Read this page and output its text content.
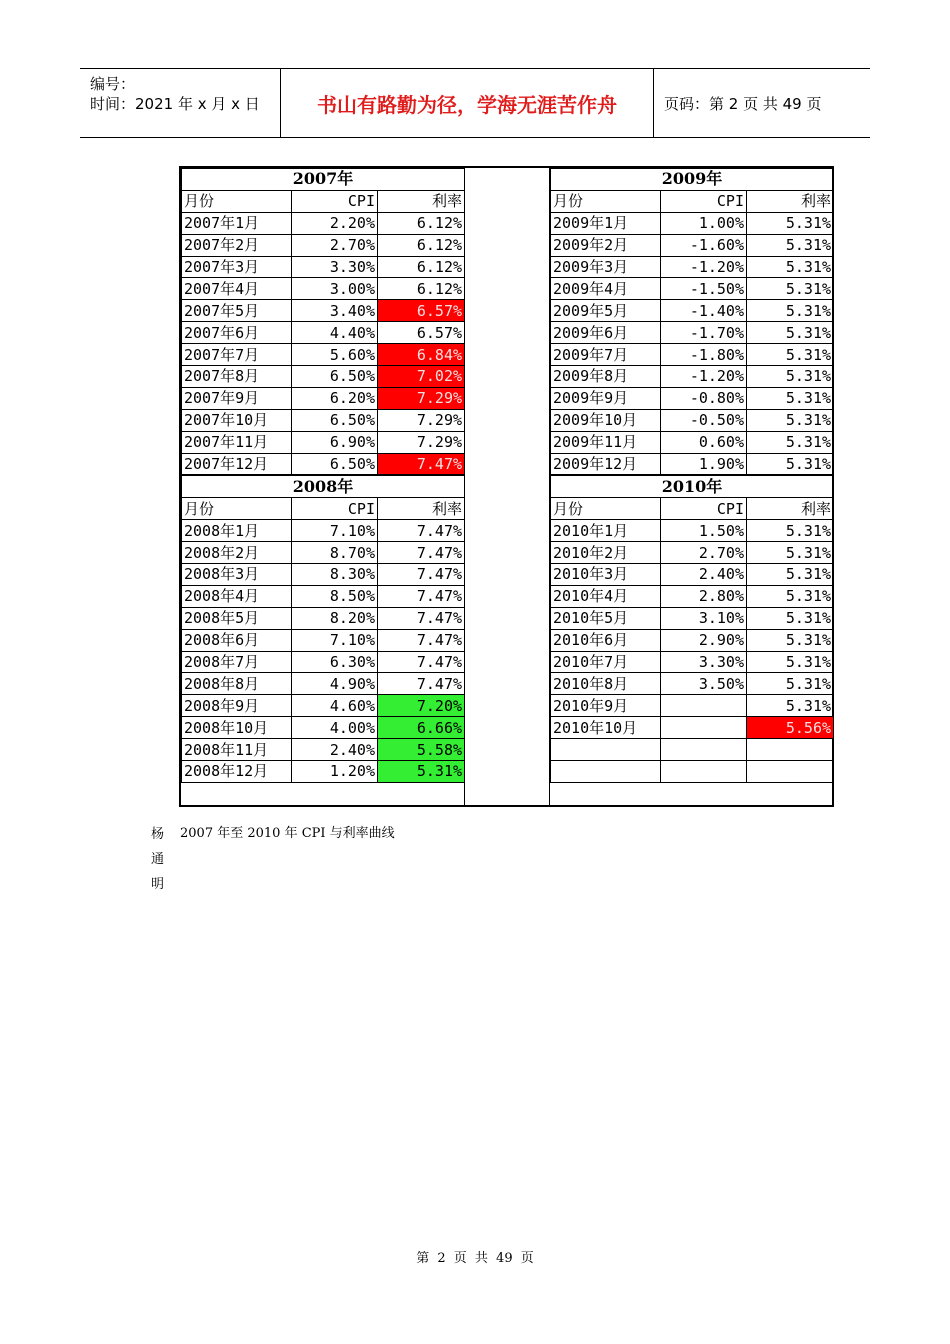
编号：
时间：2021 年 x 月 x 日	书山有路勤为径，学海无涯苦作舟	页码：第 2 页 共 49 页
2007年		
月份	CPI	利率
2007年1月	2.20%	6.12%
2007年2月	2.70%	6.12%
2007年3月	3.30%	6.12%
2007年4月	3.00%	6.12%
2007年5月	3.40%	6.57%
2007年6月	4.40%	6.57%
2007年7月	5.60%	6.84%
2007年8月	6.50%	7.02%
2007年9月	6.20%	7.29%
2007年10月	6.50%	7.29%
2007年11月	6.90%	7.29%
2007年12月	6.50%	7.47%
2008年		
月份	CPI	利率
2008年1月	7.10%	7.47%
2008年2月	8.70%	7.47%
2008年3月	8.30%	7.47%
2008年4月	8.50%	7.47%
2008年5月	8.20%	7.47%
2008年6月	7.10%	7.47%
2008年7月	6.30%	7.47%
2008年8月	4.90%	7.47%
2008年9月	4.60%	7.20%
2008年10月	4.00%	6.66%
2008年11月	2.40%	5.58%
2008年12月	1.20%	5.31%
2009年		
月份	CPI	利率
2009年1月	1.00%	5.31%
2009年2月	-1.60%	5.31%
2009年3月	-1.20%	5.31%
2009年4月	-1.50%	5.31%
2009年5月	-1.40%	5.31%
2009年6月	-1.70%	5.31%
2009年7月	-1.80%	5.31%
2009年8月	-1.20%	5.31%
2009年9月	-0.80%	5.31%
2009年10月	-0.50%	5.31%
2009年11月	0.60%	5.31%
2009年12月	1.90%	5.31%
2010年		
月份	CPI	利率
2010年1月	1.50%	5.31%
2010年2月	2.70%	5.31%
2010年3月	2.40%	5.31%
2010年4月	2.80%	5.31%
2010年5月	3.10%	5.31%
2010年6月	2.90%	5.31%
2010年7月	3.30%	5.31%
2010年8月	3.50%	5.31%
2010年9月		5.31%
2010年10月		5.56%

杨
通
明
2007 年至 2010 年 CPI 与利率曲线
第 2 页 共 49 页
